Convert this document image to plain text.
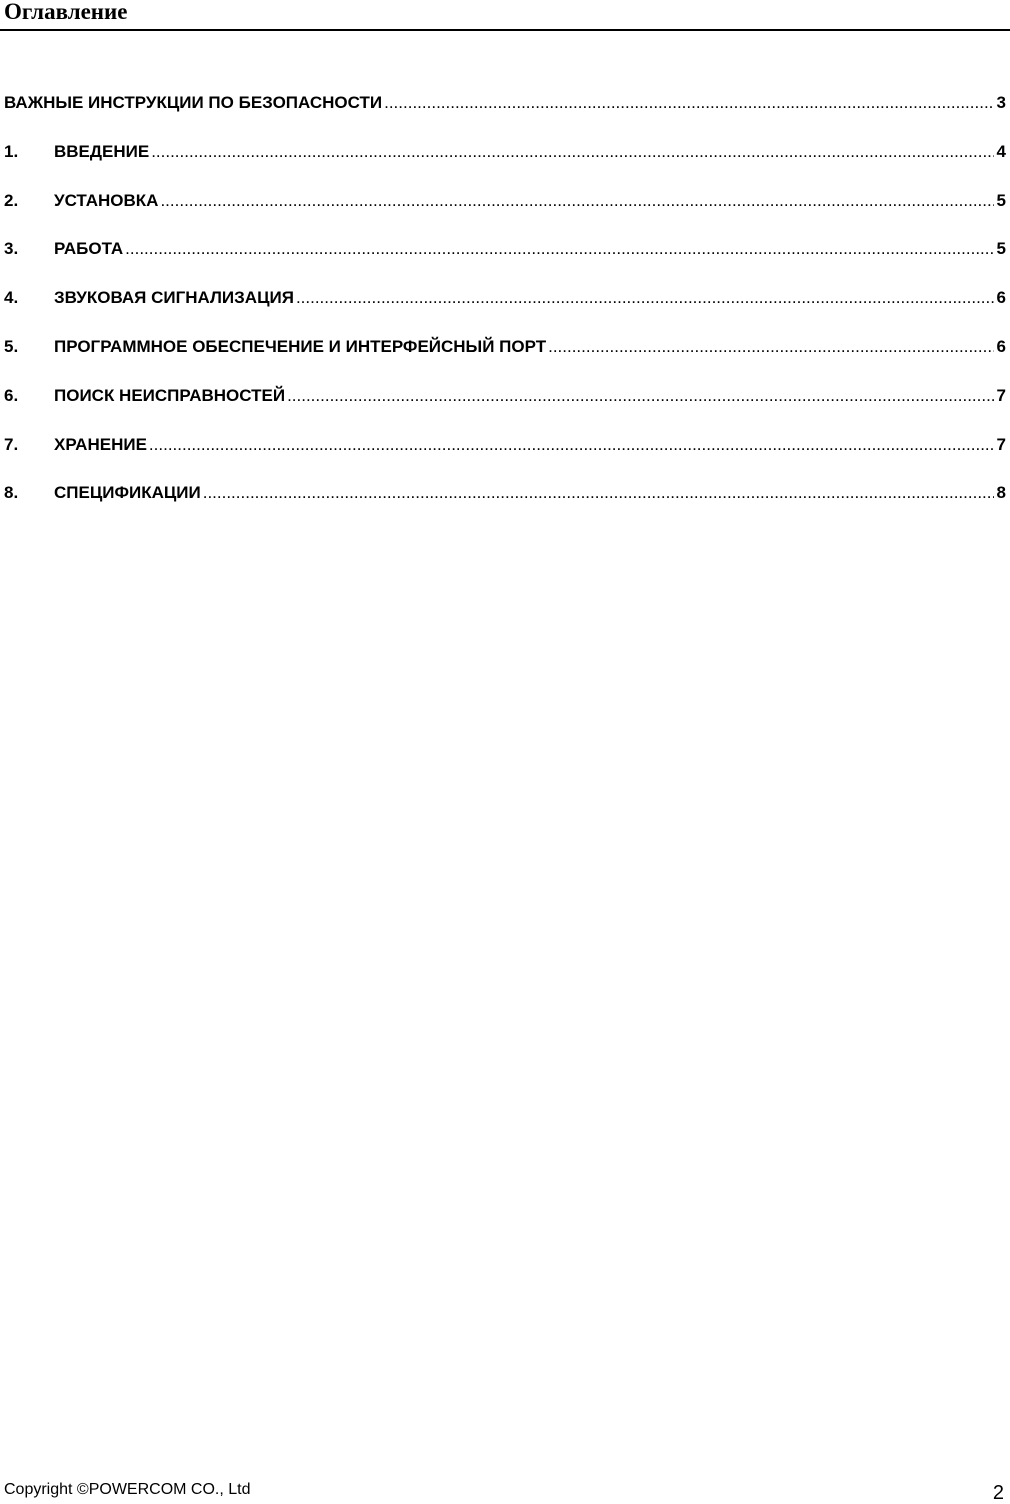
Оглавление
ВАЖНЫЕ ИНСТРУКЦИИ ПО БЕЗОПАСНОСТИ .....	3
1.	ВВЕДЕНИЕ .....	4
2.	УСТАНОВКА .....	5
3.	РАБОТА .....	5
4.	ЗВУКОВАЯ СИГНАЛИЗАЦИЯ .....	6
5.	ПРОГРАММНОЕ ОБЕСПЕЧЕНИЕ И ИНТЕРФЕЙСНЫЙ ПОРТ .....	6
6.	ПОИСК НЕИСПРАВНОСТЕЙ .....	7
7.	ХРАНЕНИЕ .....	7
8.	СПЕЦИФИКАЦИИ .....	8
Copyright ©POWERCOM CO., Ltd	2
